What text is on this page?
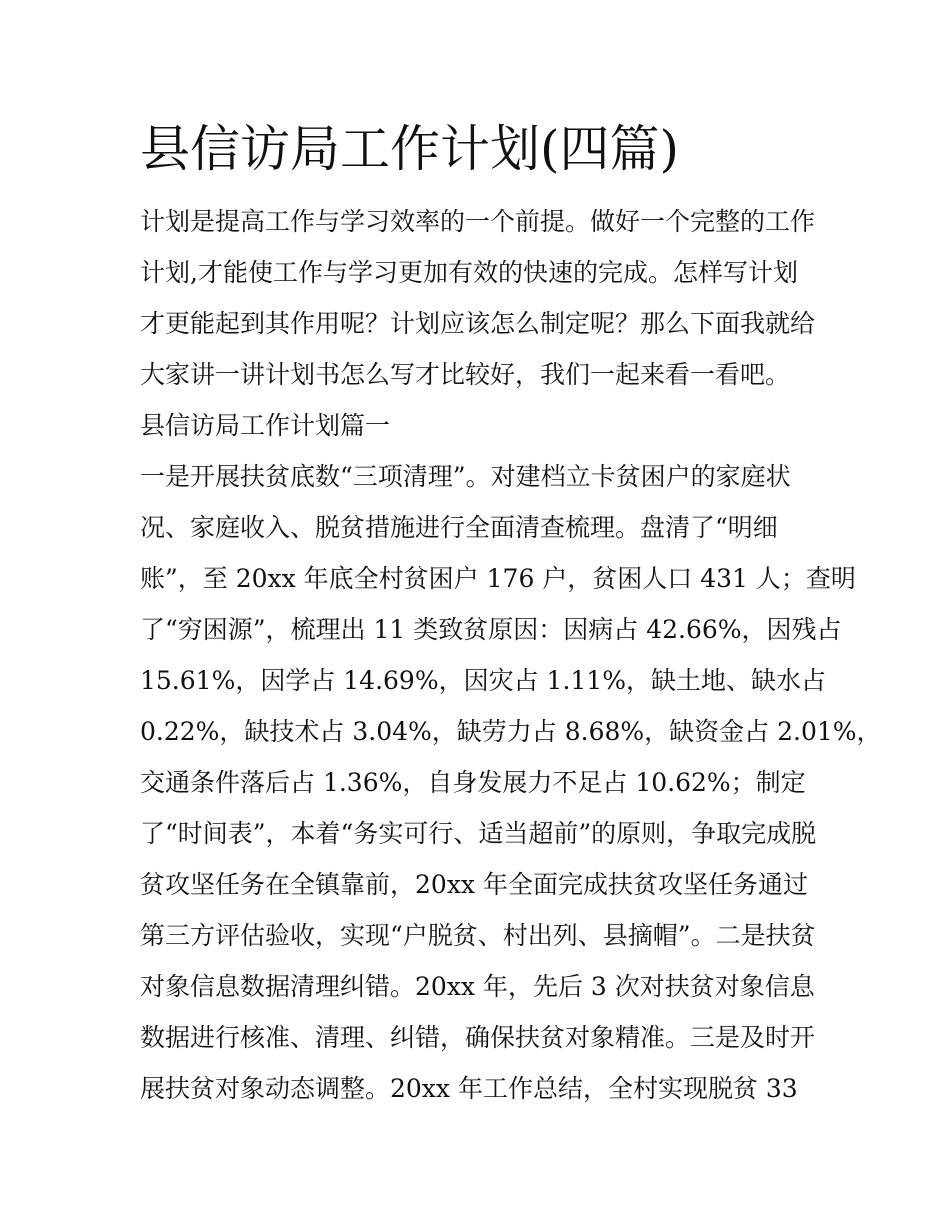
县信访局工作计划(四篇)

计划是提高工作与学习效率的一个前提。做好一个完整的工作

计划,才能使工作与学习更加有效的快速的完成。怎样写计划

才更能起到其作用呢？计划应该怎么制定呢？那么下面我就给

大家讲一讲计划书怎么写才比较好，我们一起来看一看吧。

县信访局工作计划篇一

一是开展扶贫底数“三项清理”。对建档立卡贫困户的家庭状

况、家庭收入、脱贫措施进行全面清查梳理。盘清了“明细

账”，至 20xx 年底全村贫困户 176 户，贫困人口 431 人；查明

了“穷困源”，梳理出 11 类致贫原因：因病占 42.66%，因残占

15.61%，因学占 14.69%，因灾占 1.11%，缺土地、缺水占

0.22%，缺技术占 3.04%，缺劳力占 8.68%，缺资金占 2.01%，

交通条件落后占 1.36%，自身发展力不足占 10.62%；制定

了“时间表”，本着“务实可行、适当超前”的原则，争取完成脱

贫攻坚任务在全镇靠前，20xx 年全面完成扶贫攻坚任务通过

第三方评估验收，实现“户脱贫、村出列、县摘帽”。二是扶贫

对象信息数据清理纠错。20xx 年，先后 3 次对扶贫对象信息

数据进行核准、清理、纠错，确保扶贫对象精准。三是及时开

展扶贫对象动态调整。20xx 年工作总结，全村实现脱贫 33
